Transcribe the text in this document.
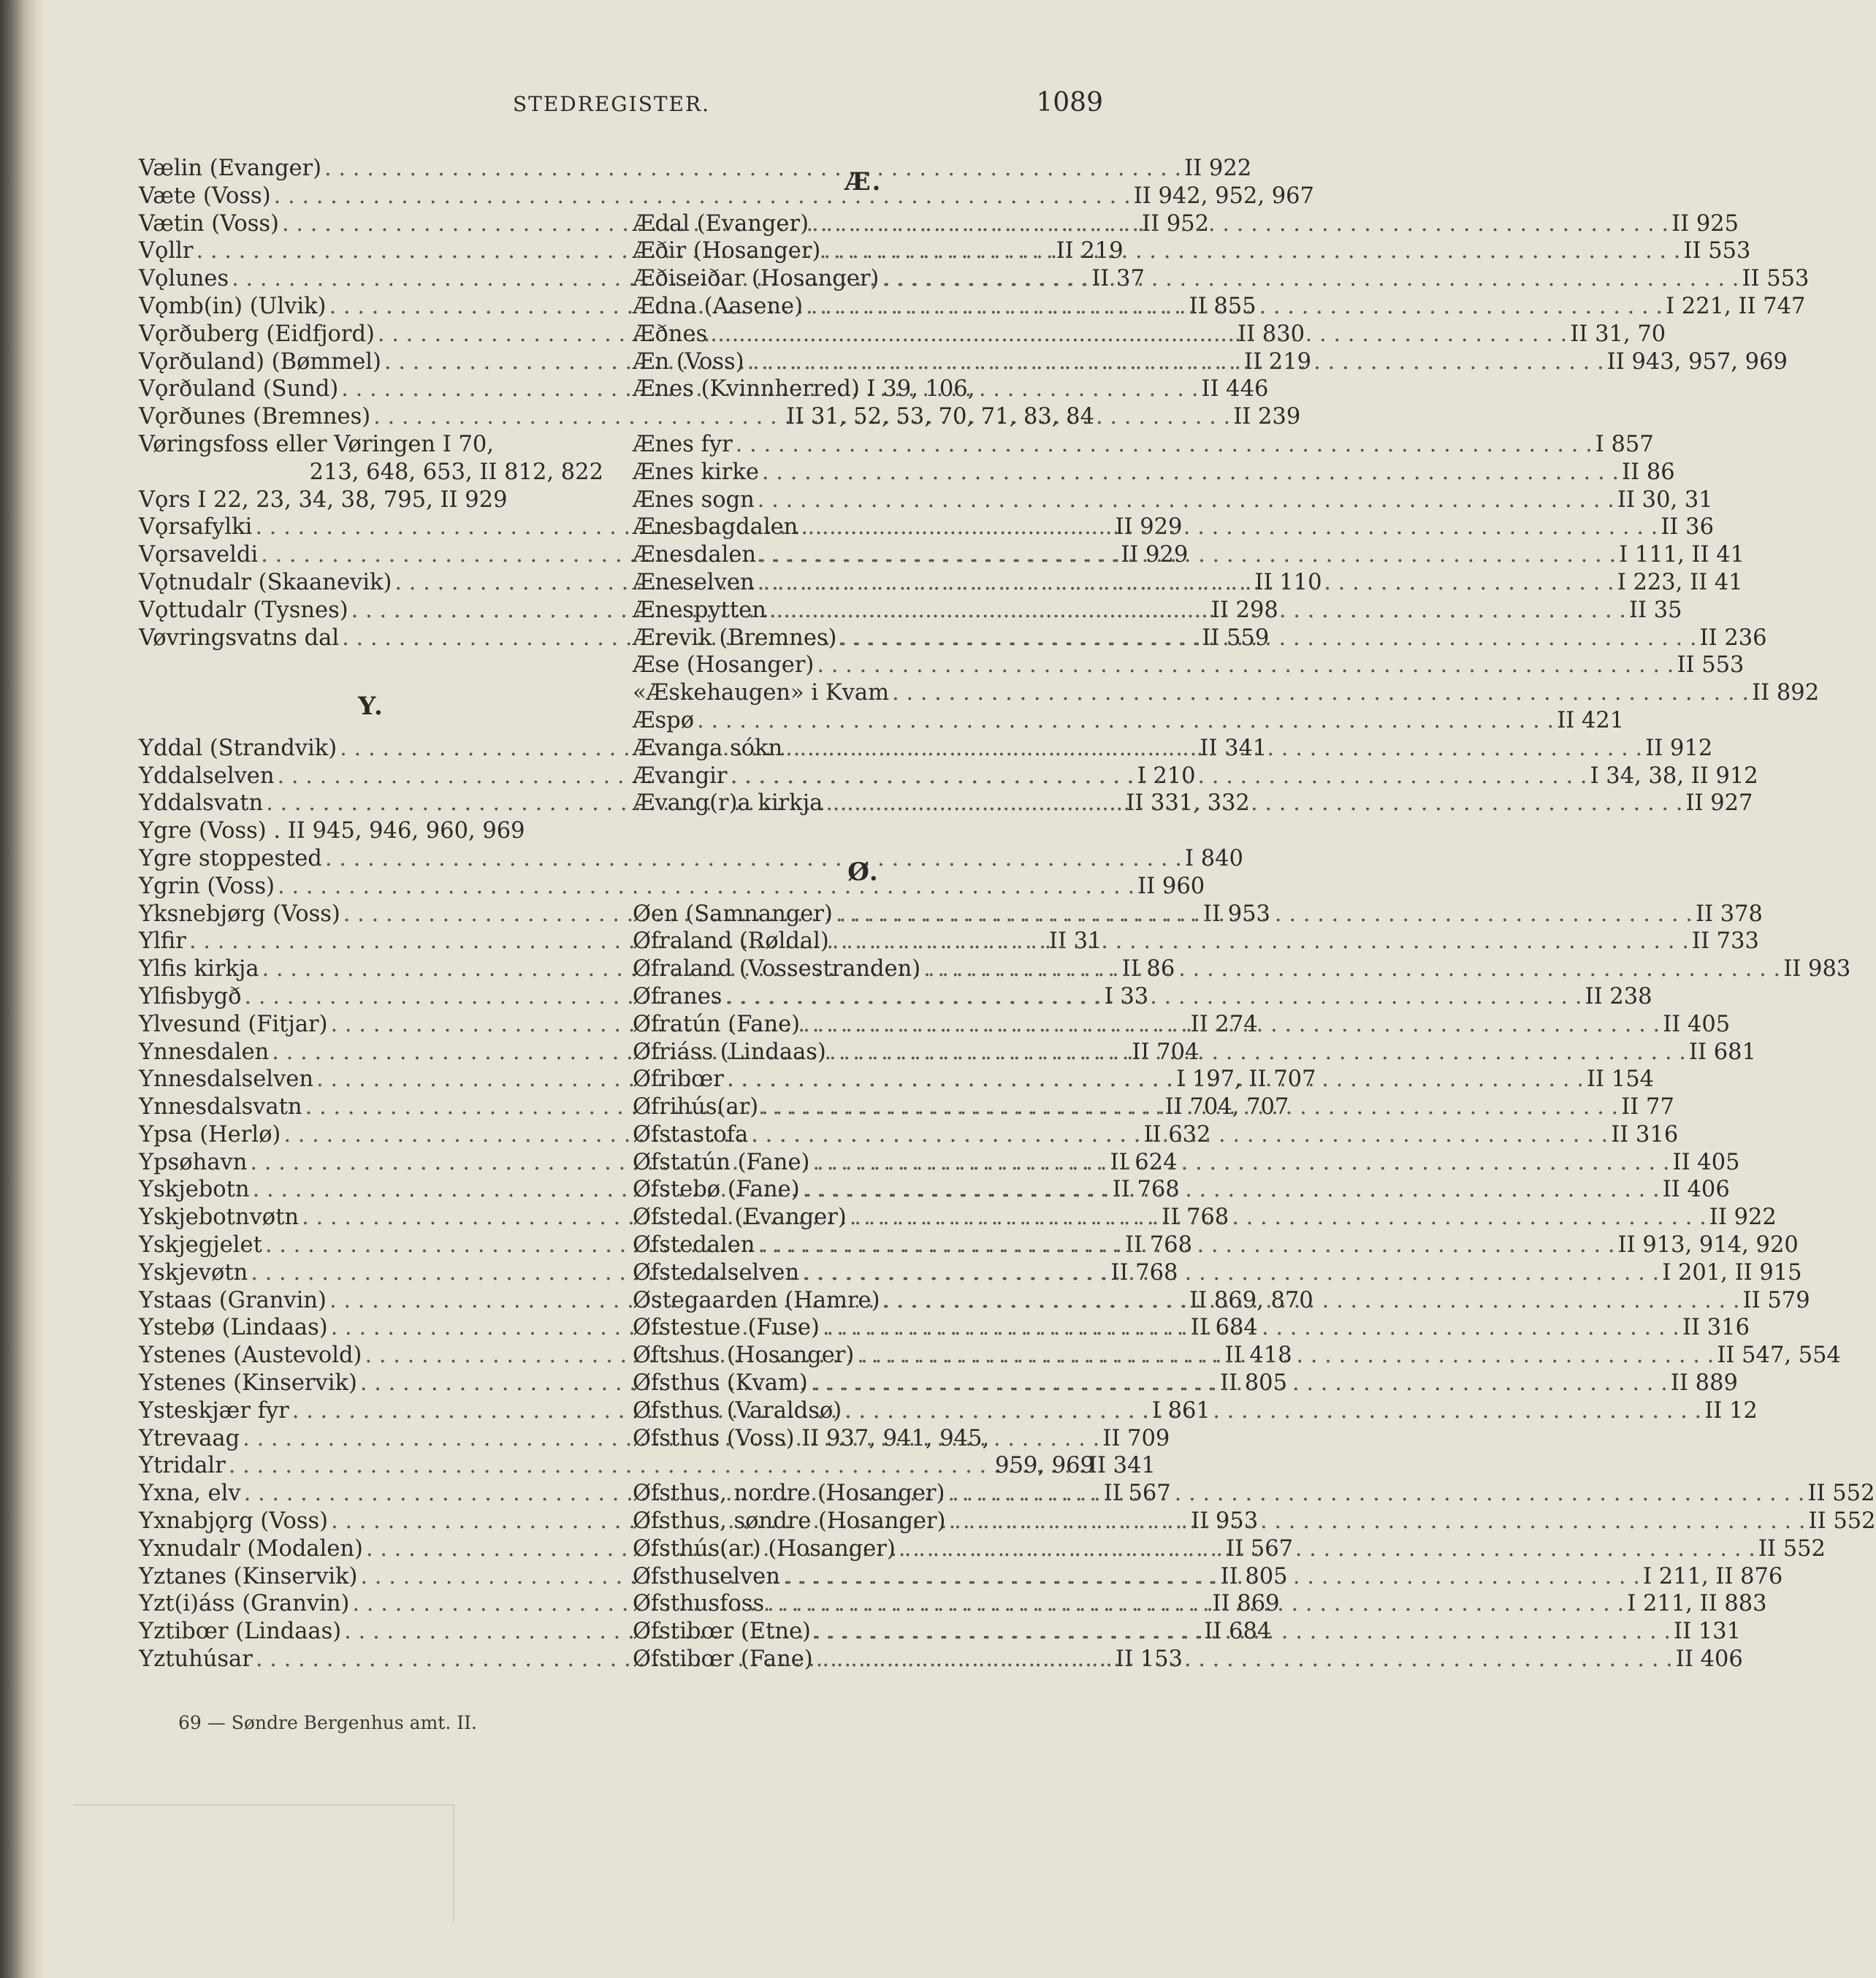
STEDREGISTER.	1089
Vælin (Evanger) . . .	II 922
Væte (Voss) . . .	II 942, 952, 967
Vætin (Voss) . . .	II 952
Vǫllr . . .	II 219
Vǫlunes . . .	II 37
Vǫmb(in) (Ulvik) . . .	II 855
Vǫrðuberg (Eidfjord) . . .	II 830
Vǫrðuland) (Bømmel) . . .	II 219
Vǫrðuland (Sund) . . .	II 446
Vǫrðunes (Bremnes) . . .	II 239
Vøringsfoss eller Vøringen I 70,
213, 648, 653, II 812, 822
Vǫrs I 22, 23, 34, 38, 795, II 929
Vǫrsafylki . . .	II 929
Vǫrsaveldi . . .	II 929
Vǫtnudalr (Skaanevik) . . .	II 110
Vǫttudalr (Tysnes) . . .	II 298
Vøvringsvatns dal . . .	II 559
Y.
Yddal (Strandvik) . . .	II 341
Yddalselven . . .	I 210
Yddalsvatn . . .	II 331, 332
Ygre (Voss) . II 945, 946, 960, 969
Ygre stoppested . . .	I 840
Ygrin (Voss) . . .	II 960
Yksnebjørg (Voss) . . .	II 953
Ylfir . . .	II 31
Ylfis kirkja . . .	II 86
Ylfisbygð . . .	I 33
Ylvesund (Fitjar) . . .	II 274
Ynnesdalen . . .	II 704
Ynnesdalselven . . .	I 197, II 707
Ynnesdalsvatn . . .	II 704, 707
Ypsa (Herlø) . . .	II 632
Ypsøhavn . . .	II 624
Yskjebotn . . .	II 768
Yskjebotnvøtn . . .	II 768
Yskjegjelet . . .	II 768
Yskjevøtn . . .	II 768
Ystaas (Granvin) . . .	II 869, 870
Ystebø (Lindaas) . . .	II 684
Ystenes (Austevold) . . .	II 418
Ystenes (Kinservik) . . .	II 805
Ysteskjær fyr . . .	I 861
Ytrevaag . . .	II 709
Ytridalr . . .	II 341
Yxna, elv . . .	II 567
Yxnabjǫrg (Voss) . . .	II 953
Yxnudalr (Modalen) . . .	II 567
Yztanes (Kinservik) . . .	II 805
Yzt(i)áss (Granvin) . . .	II 869
Yztibœr (Lindaas) . . .	II 684
Yztuhúsar . . .	II 153
Æ.
Ædal (Evanger) . . .	II 925
Æðir (Hosanger) . . .	II 553
Æðiseiðar (Hosanger) . . .	II 553
Ædna (Aasene) . . .	I 221, II 747
Æðnes . . .	II 31, 70
Æn (Voss) . . .	II 943, 957, 969
Ænes (Kvinnherred) I 39, 106,
II 31, 52, 53, 70, 71, 83, 84
Ænes fyr . . .	I 857
Ænes kirke . . .	II 86
Ænes sogn . . .	II 30, 31
Ænesbagdalen . . .	II 36
Ænesdalen . . .	I 111, II 41
Æneselven . . .	I 223, II 41
Ænespytten . . .	II 35
Ærevik (Bremnes) . . .	II 236
Æse (Hosanger) . . .	II 553
«Æskehaugen» i Kvam . . .	II 892
Æspø . . .	II 421
Ævanga sókn . . .	II 912
Ævangir . . .	I 34, 38, II 912
Ævang(r)a kirkja . . .	II 927
Ø.
Øen (Samnanger) . . .	II 378
Øfraland (Røldal) . . .	II 733
Øfraland (Vossestranden) . . .	II 983
Øfranes . . .	II 238
Øfratún (Fane) . . .	II 405
Øfriáss (Lindaas) . . .	II 681
Øfribœr . . .	II 154
Øfrihús(ar) . . .	II 77
Øfstastofa . . .	II 316
Øfstatún (Fane) . . .	II 405
Øfstebø (Fane) . . .	II 406
Øfstedal (Evanger) . . .	II 922
Øfstedalen . . .	II 913, 914, 920
Øfstedalselven . . .	I 201, II 915
Østegaarden (Hamre) . . .	II 579
Øfstestue (Fuse) . . .	II 316
Øftshus (Hosanger) . . .	II 547, 554
Øfsthus (Kvam) . . .	II 889
Øfsthus (Varaldsø) . . .	II 12
Øfsthus (Voss) II 937, 941, 945,
959, 969
Øfsthus, nordre (Hosanger) . . .	II 552
Øfsthus, søndre (Hosanger) . . .	II 552
Øfsthús(ar) (Hosanger) . . .	II 552
Øfsthuselven . . .	I 211, II 876
Øfsthusfoss . . .	I 211, II 883
Øfstibœr (Etne) . . .	II 131
Øfstibœr (Fane) . . .	II 406
69 — Søndre Bergenhus amt. II.
